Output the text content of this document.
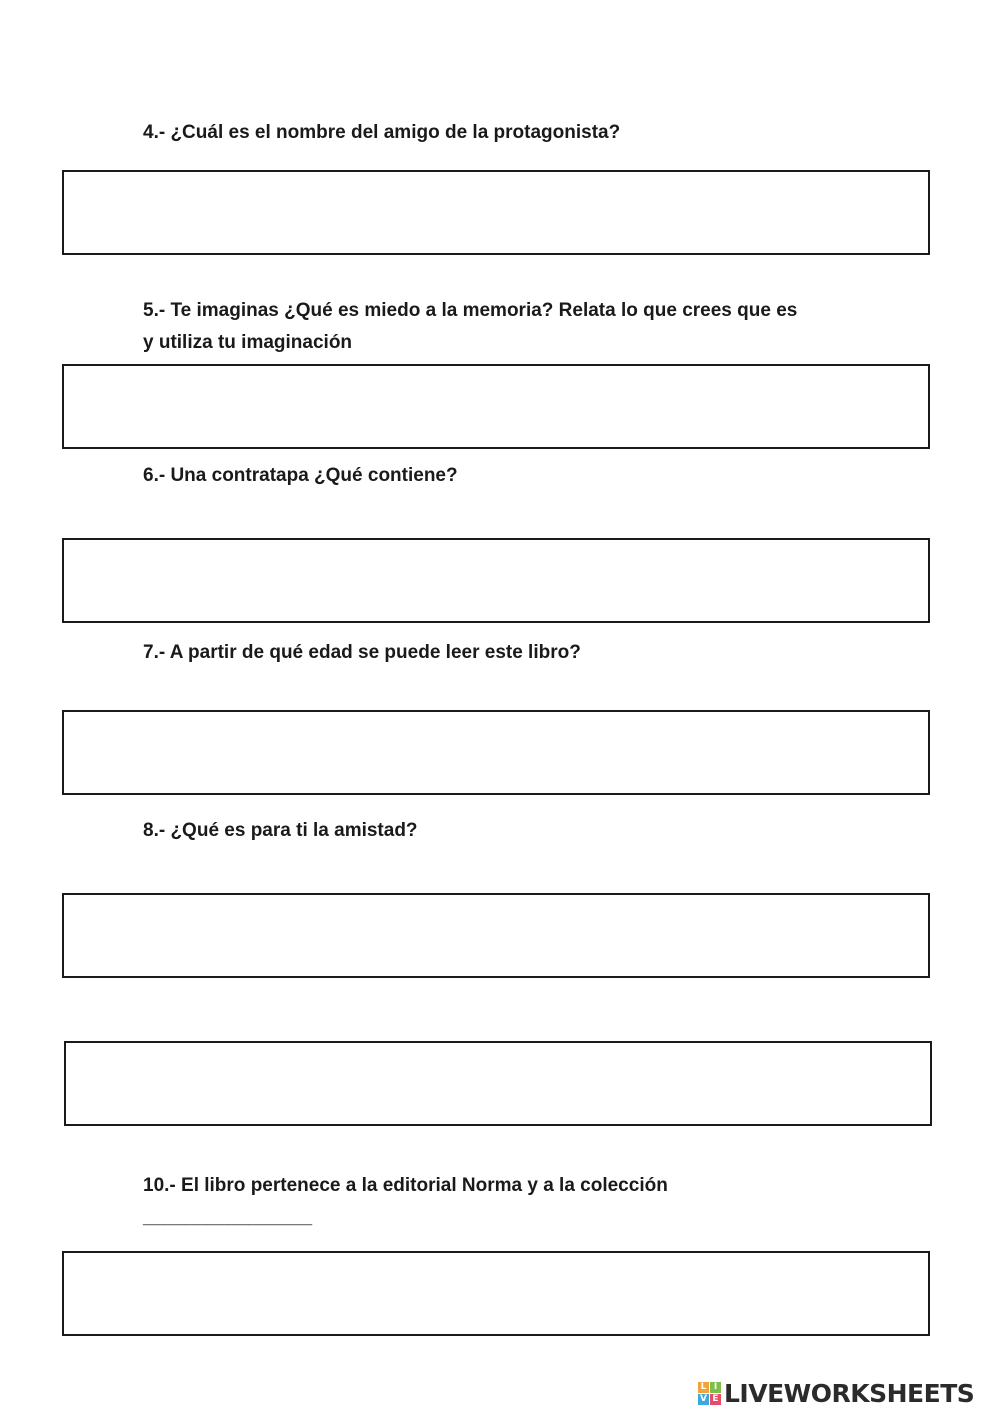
4.- ¿Cuál es el nombre del amigo de la protagonista?

5.- Te imaginas ¿Qué es miedo a la memoria? Relata lo que crees que es
y utiliza tu imaginación

6.- Una contratapa ¿Qué contiene?

7.- A partir de qué edad se puede leer este libro?

8.- ¿Qué es para ti la amistad?

10.- El libro pertenece a la editorial Norma y a la colección
________________

L I
V E LIVEWORKSHEETS
